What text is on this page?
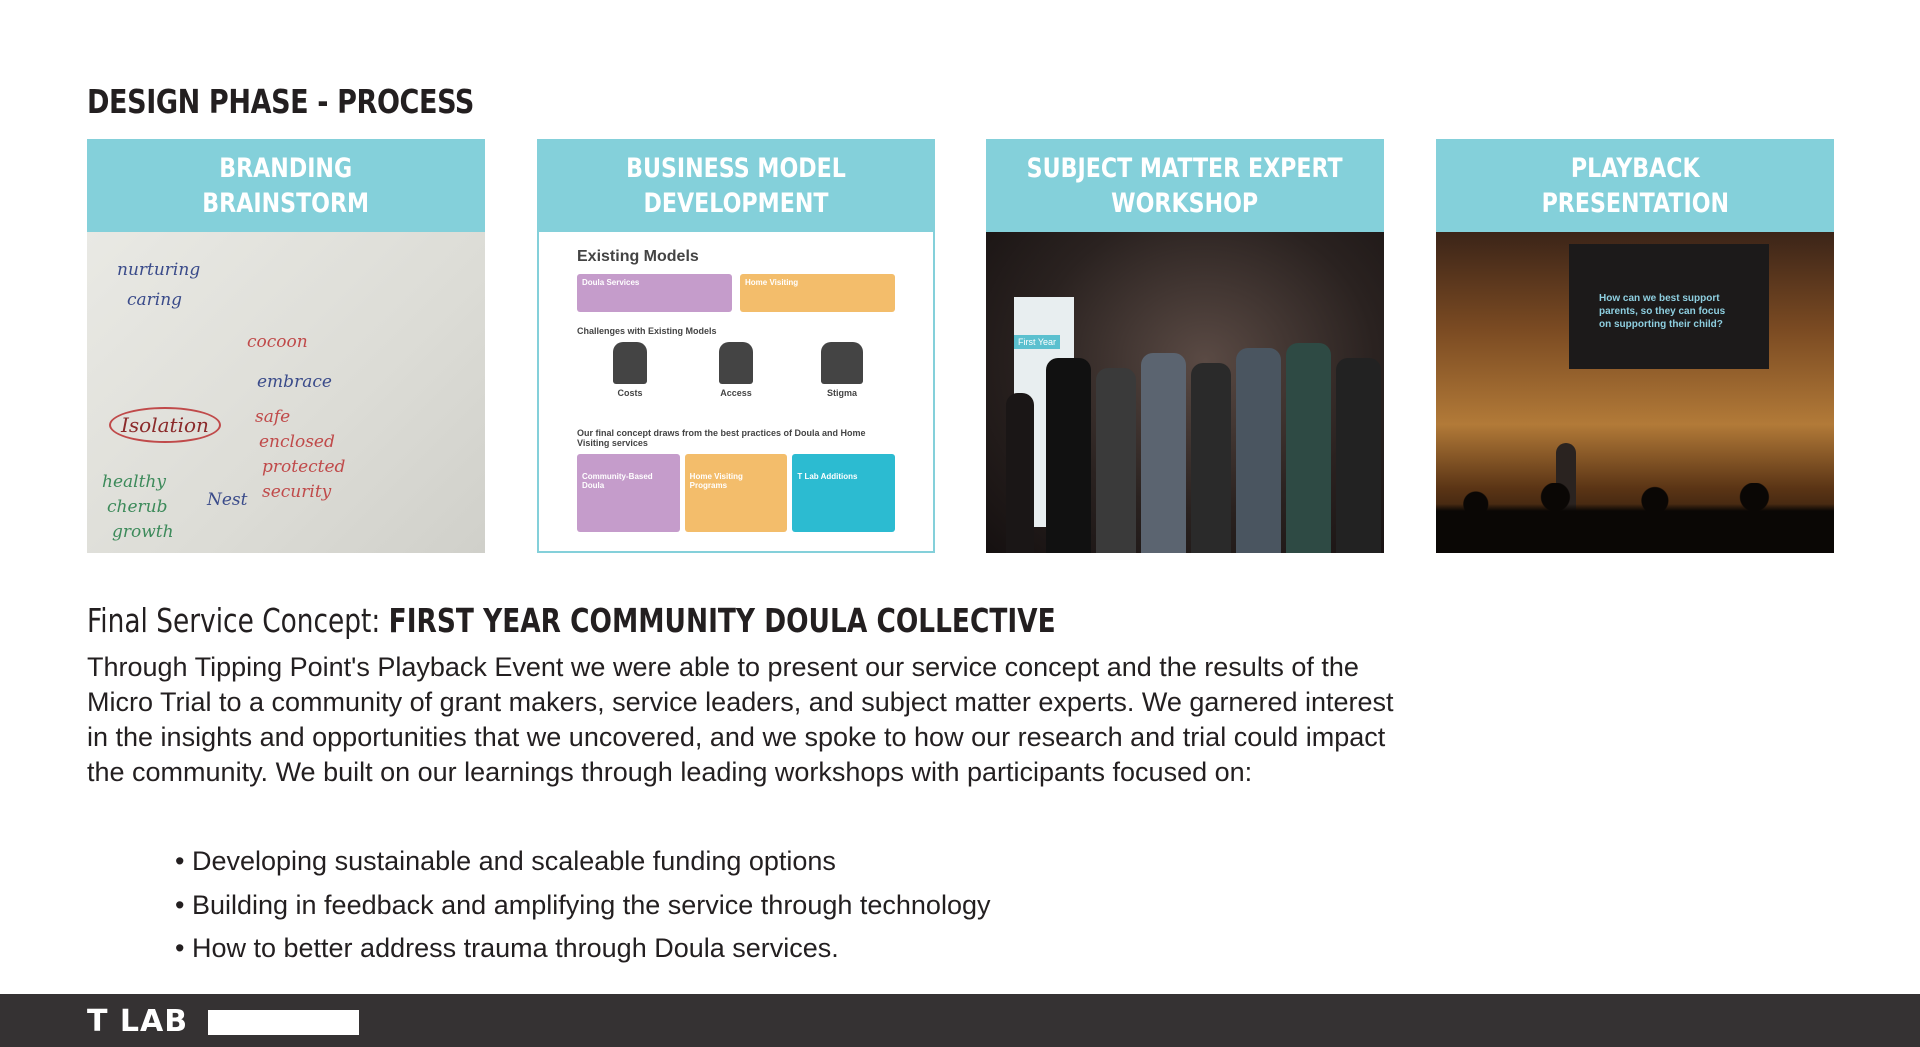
DESIGN PHASE - PROCESS
BRANDING
BRAINSTORM
nurturing
caring
Isolation
cocoon
embrace
safe
enclosed
protected
security
healthy
cherub
growth
Nest
BUSINESS MODEL
DEVELOPMENT
Existing Models
Doula Services	Home Visiting
Challenges with Existing Models
Costs	Access	Stigma
Our final concept draws from the best practices of Doula and Home Visiting services
Community-Based Doula
Home Visiting Programs
T Lab Additions
SUBJECT MATTER EXPERT
WORKSHOP
First Year
PLAYBACK
PRESENTATION
How can we best support
parents, so they can focus
on supporting their child?
Final Service Concept: FIRST YEAR COMMUNITY DOULA COLLECTIVE

Through Tipping Point's Playback Event we were able to present our service concept and the results of the Micro Trial to a community of grant makers, service leaders, and subject matter experts. We garnered interest in the insights and opportunities that we uncovered, and we spoke to how our research and trial could impact the community. We built on our learnings through leading workshops with participants focused on:

• Developing sustainable and scaleable funding options
• Building in feedback and amplifying the service through technology
• How to better address trauma through Doula services.
T LAB
